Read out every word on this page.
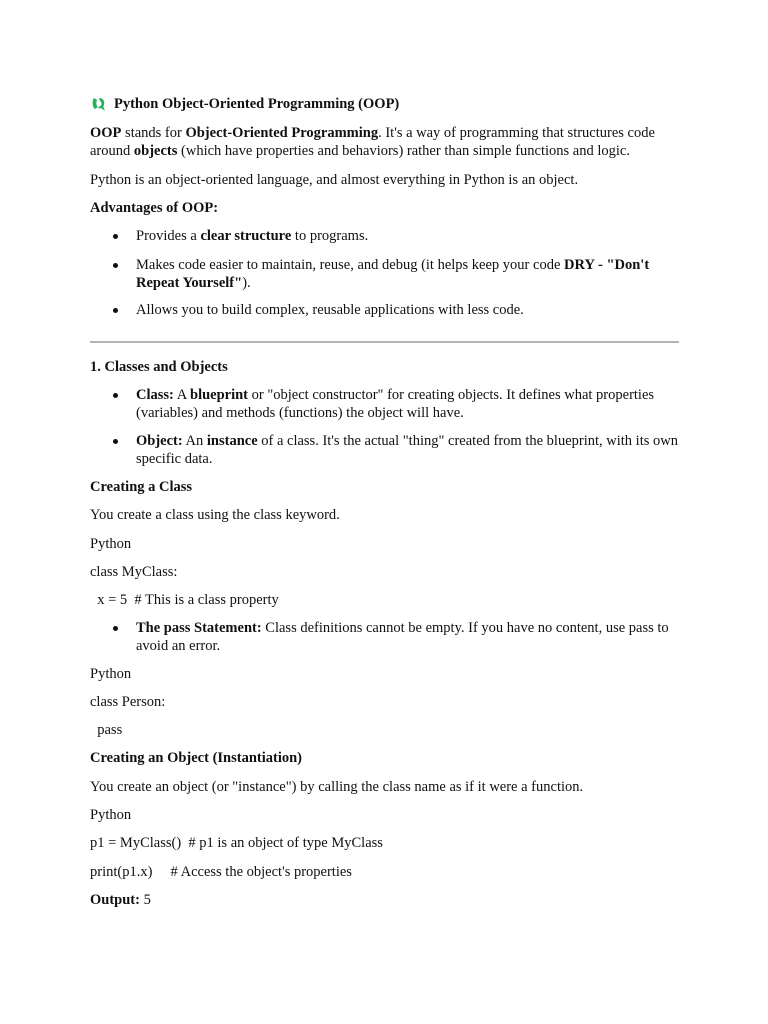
Python Object-Oriented Programming (OOP)

OOP stands for Object-Oriented Programming. It's a way of programming that structures code around objects (which have properties and behaviors) rather than simple functions and logic.

Python is an object-oriented language, and almost everything in Python is an object.

Advantages of OOP:

Provides a clear structure to programs.
Makes code easier to maintain, reuse, and debug (it helps keep your code DRY - "Don't Repeat Yourself").
Allows you to build complex, reusable applications with less code.

1. Classes and Objects

Class: A blueprint or "object constructor" for creating objects. It defines what properties (variables) and methods (functions) the object will have.
Object: An instance of a class. It's the actual "thing" created from the blueprint, with its own specific data.

Creating a Class

You create a class using the class keyword.

Python

class MyClass:

x = 5  # This is a class property

The pass Statement: Class definitions cannot be empty. If you have no content, use pass to avoid an error.

Python

class Person:

pass

Creating an Object (Instantiation)

You create an object (or "instance") by calling the class name as if it were a function.

Python

p1 = MyClass()  # p1 is an object of type MyClass

print(p1.x)     # Access the object's properties

Output: 5
